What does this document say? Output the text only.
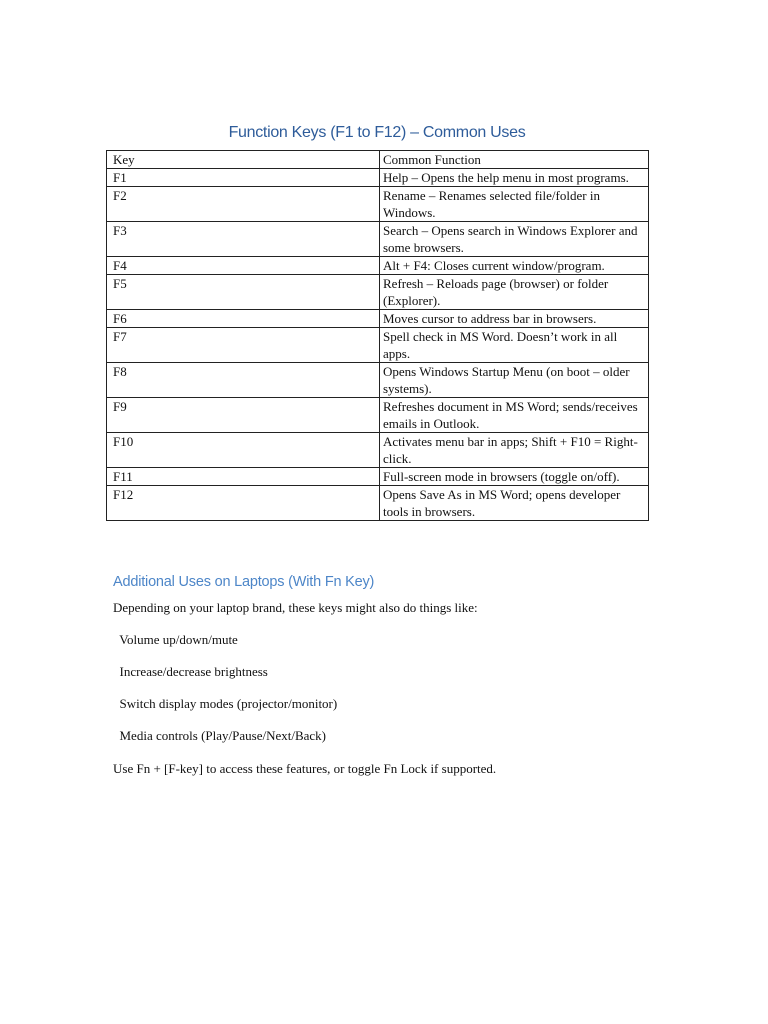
Function Keys (F1 to F12) – Common Uses
Key	Common Function
F1	Help – Opens the help menu in most programs.
F2	Rename – Renames selected file/folder in Windows.
F3	Search – Opens search in Windows Explorer and some browsers.
F4	Alt + F4: Closes current window/program.
F5	Refresh – Reloads page (browser) or folder (Explorer).
F6	Moves cursor to address bar in browsers.
F7	Spell check in MS Word. Doesn’t work in all apps.
F8	Opens Windows Startup Menu (on boot – older systems).
F9	Refreshes document in MS Word; sends/receives emails in Outlook.
F10	Activates menu bar in apps; Shift + F10 = Right-click.
F11	Full-screen mode in browsers (toggle on/off).
F12	Opens Save As in MS Word; opens developer tools in browsers.
Additional Uses on Laptops (With Fn Key)
Depending on your laptop brand, these keys might also do things like:
Volume up/down/mute
Increase/decrease brightness
Switch display modes (projector/monitor)
Media controls (Play/Pause/Next/Back)
Use Fn + [F-key] to access these features, or toggle Fn Lock if supported.
